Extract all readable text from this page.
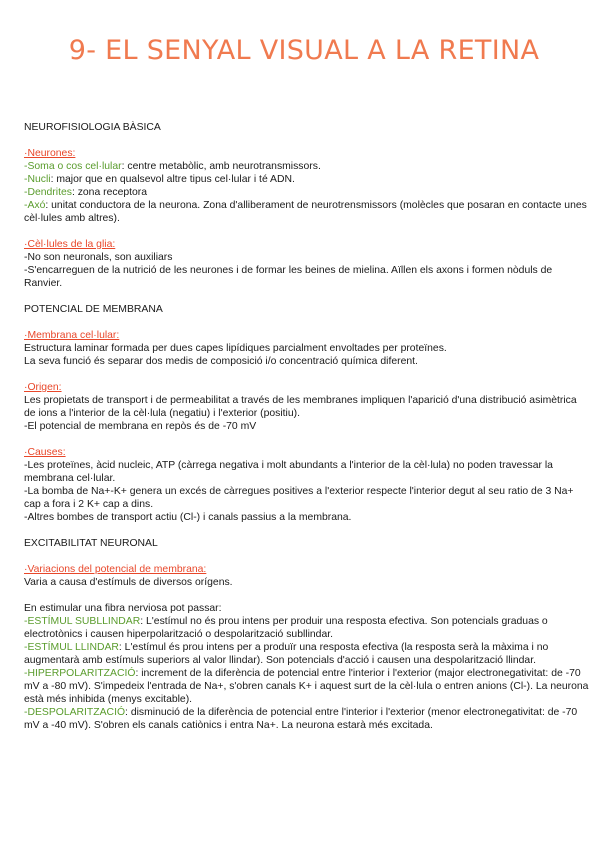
9- EL SENYAL VISUAL A LA RETINA
NEUROFISIOLOGIA BÀSICA

·Neurones:

-Soma o cos cel·lular: centre metabòlic, amb neurotransmissors.

-Nucli: major que en qualsevol altre tipus cel·lular i té ADN.

-Dendrites: zona receptora

-Axó: unitat conductora de la neurona. Zona d'alliberament de neurotrensmissors (molècles que posaran en contacte unes cèl·lules amb altres).

·Cèl·lules de la glia:

-No son neuronals, son auxiliars

-S'encarreguen de la nutrició de les neurones i de formar les beines de mielina. Aïllen els axons i formen nòduls de Ranvier.

POTENCIAL DE MEMBRANA

·Membrana cel·lular:

Estructura laminar formada per dues capes lipídiques parcialment envoltades per proteïnes.

La seva funció és separar dos medis de composició i/o concentració química diferent.

·Origen:

Les propietats de transport i de permeabilitat a través de les membranes impliquen l'aparició d'una distribució asimètrica de ions a l'interior de la cèl·lula (negatiu) i l'exterior (positiu).

-El potencial de membrana en repòs és de -70 mV

·Causes:

-Les proteïnes, àcid nucleic, ATP (càrrega negativa i molt abundants a l'interior de la cèl·lula) no poden travessar la membrana cel·lular.

-La bomba de Na+-K+ genera un excés de càrregues positives a l'exterior respecte l'interior degut al seu ratio de 3 Na+ cap a fora i 2 K+ cap a dins.

-Altres bombes de transport actiu (Cl-) i canals passius a la membrana.

EXCITABILITAT NEURONAL

·Variacions del potencial de membrana:

Varia a causa d'estímuls de diversos orígens.

En estimular una fibra nerviosa pot passar:

-ESTÍMUL SUBLLINDAR: L'estímul no és prou intens per produir una resposta efectiva. Son potencials graduas o electrotònics i causen hiperpolarització o despolarització subllindar.

-ESTÍMUL LLINDAR: L'estímul és prou intens per a produïr una resposta efectiva (la resposta serà la màxima i no augmentarà amb estímuls superiors al valor llindar). Son potencials d'acció i causen una despolarització llindar.

-HIPERPOLARITZACIÓ: increment de la diferència de potencial entre l'interior i l'exterior (major electronegativitat: de -70 mV a -80 mV). S'impedeix l'entrada de Na+, s'obren canals K+ i aquest surt de la cèl·lula o entren anions (Cl-). La neurona està més inhibida (menys excitable).

-DESPOLARITZACIÓ: disminució de la diferència de potencial entre l'interior i l'exterior (menor electronegativitat: de -70 mV a -40 mV). S'obren els canals catiònics i entra Na+. La neurona estarà més excitada.
